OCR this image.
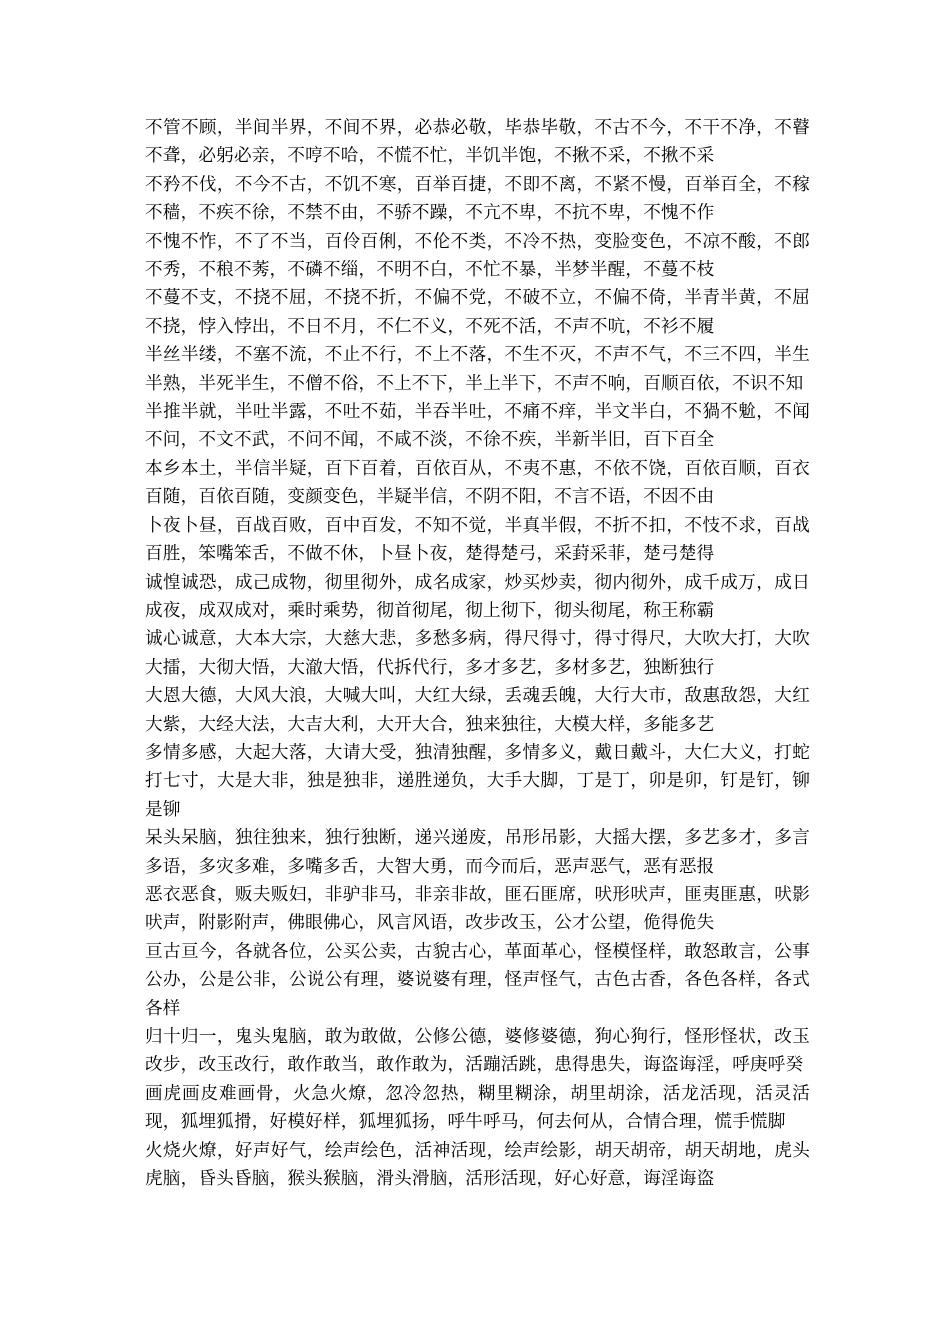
不管不顾，半间半界，不间不界，必恭必敬，毕恭毕敬，不古不今，不干不净，不瞽不聋，必躬必亲，不哼不哈，不慌不忙，半饥半饱，不揪不采，不揪不采

不矜不伐，不今不古，不饥不寒，百举百捷，不即不离，不紧不慢，百举百全，不稼不穑，不疾不徐，不禁不由，不骄不躁，不亢不卑，不抗不卑，不愧不作

不愧不怍，不了不当，百伶百俐，不伦不类，不冷不热，变脸变色，不凉不酸，不郎不秀，不稂不莠，不磷不缁，不明不白，不忙不暴，半梦半醒，不蔓不枝

不蔓不支，不挠不屈，不挠不折，不偏不党，不破不立，不偏不倚，半青半黄，不屈不挠，悖入悖出，不日不月，不仁不义，不死不活，不声不吭，不衫不履

半丝半缕，不塞不流，不止不行，不上不落，不生不灭，不声不气，不三不四，半生半熟，半死半生，不僧不俗，不上不下，半上半下，不声不响，百顺百依，不识不知

半推半就，半吐半露，不吐不茹，半吞半吐，不痛不痒，半文半白，不猧不魀，不闻不问，不文不武，不问不闻，不咸不淡，不徐不疾，半新半旧，百下百全

本乡本土，半信半疑，百下百着，百依百从，不夷不惠，不依不饶，百依百顺，百衣百随，百依百随，变颜变色，半疑半信，不阴不阳，不言不语，不因不由

卜夜卜昼，百战百败，百中百发，不知不觉，半真半假，不折不扣，不忮不求，百战百胜，笨嘴笨舌，不做不休，卜昼卜夜，楚得楚弓，采葑采菲，楚弓楚得

诚惶诚恐，成己成物，彻里彻外，成名成家，炒买炒卖，彻内彻外，成千成万，成日成夜，成双成对，乘时乘势，彻首彻尾，彻上彻下，彻头彻尾，称王称霸

诚心诚意，大本大宗，大慈大悲，多愁多病，得尺得寸，得寸得尺，大吹大打，大吹大擂，大彻大悟，大澈大悟，代拆代行，多才多艺，多材多艺，独断独行

大恩大德，大风大浪，大喊大叫，大红大绿，丢魂丢魄，大行大市，敌惠敌怨，大红大紫，大经大法，大吉大利，大开大合，独来独往，大模大样，多能多艺

多情多感，大起大落，大请大受，独清独醒，多情多义，戴日戴斗，大仁大义，打蛇打七寸，大是大非，独是独非，递胜递负，大手大脚，丁是丁，卯是卯，钉是钉，铆是铆

呆头呆脑，独往独来，独行独断，递兴递废，吊形吊影，大摇大摆，多艺多才，多言多语，多灾多难，多嘴多舌，大智大勇，而今而后，恶声恶气，恶有恶报

恶衣恶食，贩夫贩妇，非驴非马，非亲非故，匪石匪席，吠形吠声，匪夷匪惠，吠影吠声，附影附声，佛眼佛心，风言风语，改步改玉，公才公望，佹得佹失

亘古亘今，各就各位，公买公卖，古貌古心，革面革心，怪模怪样，敢怒敢言，公事公办，公是公非，公说公有理，婆说婆有理，怪声怪气，古色古香，各色各样，各式各样

归十归一，鬼头鬼脑，敢为敢做，公修公德，婆修婆德，狗心狗行，怪形怪状，改玉改步，改玉改行，敢作敢当，敢作敢为，活蹦活跳，患得患失，诲盗诲淫，呼庚呼癸

画虎画皮难画骨，火急火燎，忽冷忽热，糊里糊涂，胡里胡涂，活龙活现，活灵活现，狐埋狐搰，好模好样，狐埋狐扬，呼牛呼马，何去何从，合情合理，慌手慌脚

火烧火燎，好声好气，绘声绘色，活神活现，绘声绘影，胡天胡帝，胡天胡地，虎头虎脑，昏头昏脑，猴头猴脑，滑头滑脑，活形活现，好心好意，诲淫诲盗
